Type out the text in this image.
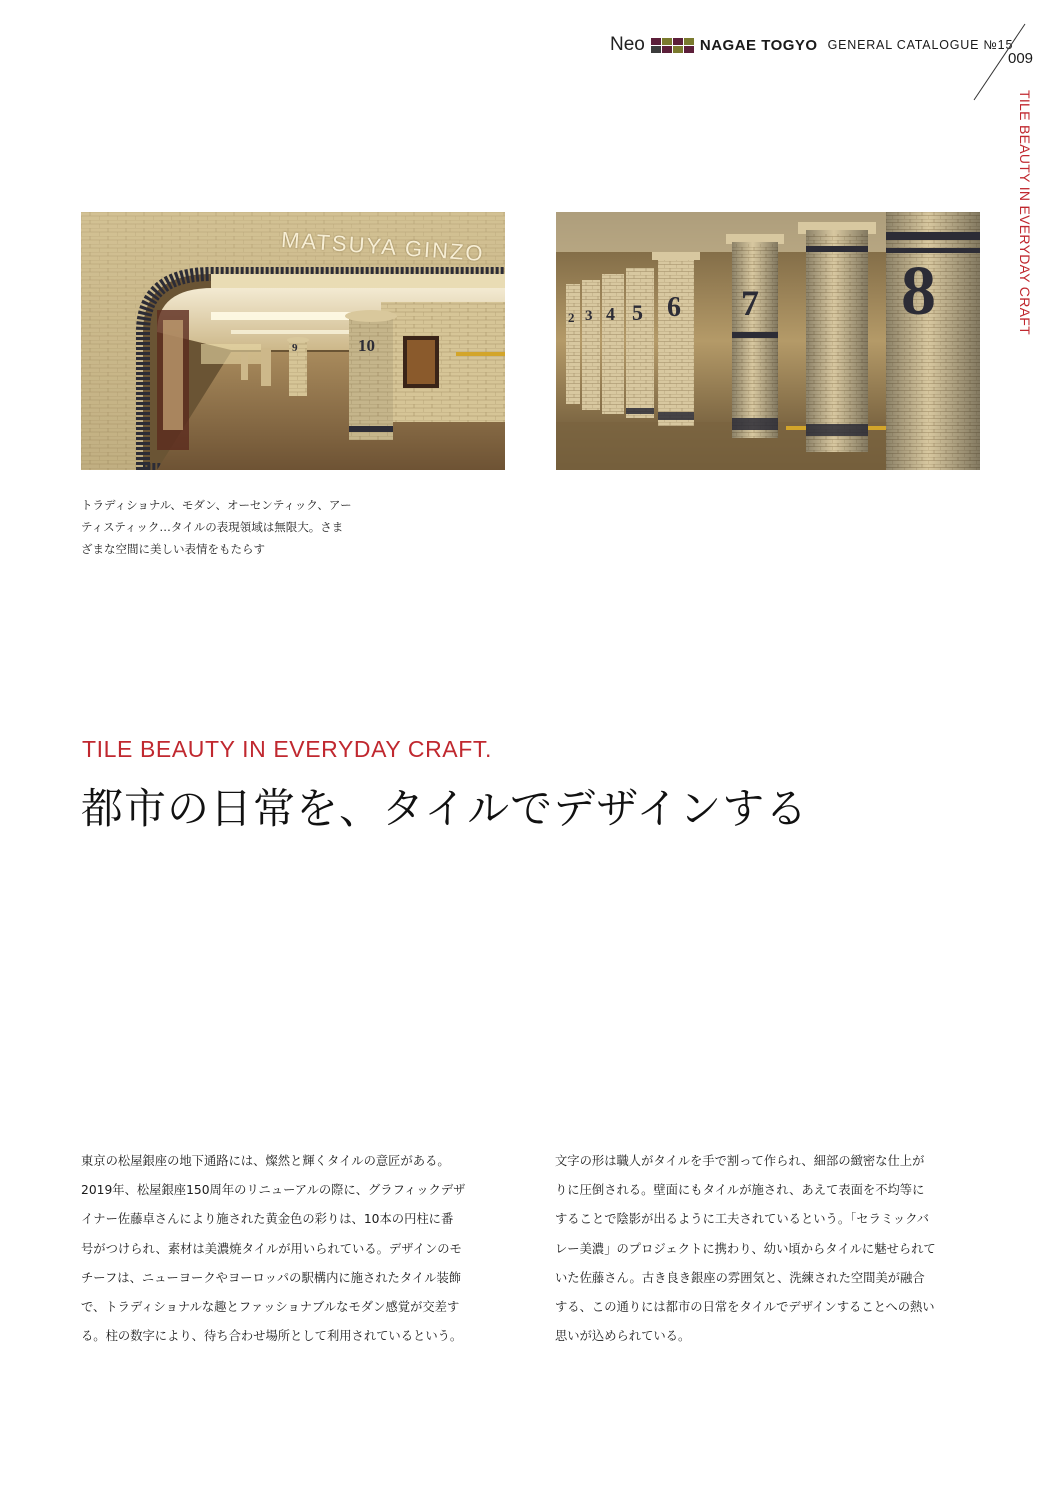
Neo	NAGAE TOGYO GENERAL CATALOGUE №15
009
TILE BEAUTY IN EVERYDAY CRAFT
MATSUYA GINZO
9	10
2 3 4 5 6 7 8
トラディショナル、モダン、オーセンティック、アー
ティスティック…タイルの表現領域は無限大。さま
ざまな空間に美しい表情をもたらす
TILE BEAUTY IN EVERYDAY CRAFT.
都市の日常を、タイルでデザインする
東京の松屋銀座の地下通路には、燦然と輝くタイルの意匠がある。
2019年、松屋銀座150周年のリニューアルの際に、グラフィックデザ
イナー佐藤卓さんにより施された黄金色の彩りは、10本の円柱に番
号がつけられ、素材は美濃焼タイルが用いられている。デザインのモ
チーフは、ニューヨークやヨーロッパの駅構内に施されたタイル装飾
で、トラディショナルな趣とファッショナブルなモダン感覚が交差す
る。柱の数字により、待ち合わせ場所として利用されているという。
文字の形は職人がタイルを手で割って作られ、細部の緻密な仕上が
りに圧倒される。壁面にもタイルが施され、あえて表面を不均等に
することで陰影が出るように工夫されているという。「セラミックバ
レー美濃」のプロジェクトに携わり、幼い頃からタイルに魅せられて
いた佐藤さん。古き良き銀座の雰囲気と、洗練された空間美が融合
する、この通りには都市の日常をタイルでデザインすることへの熱い
思いが込められている。
